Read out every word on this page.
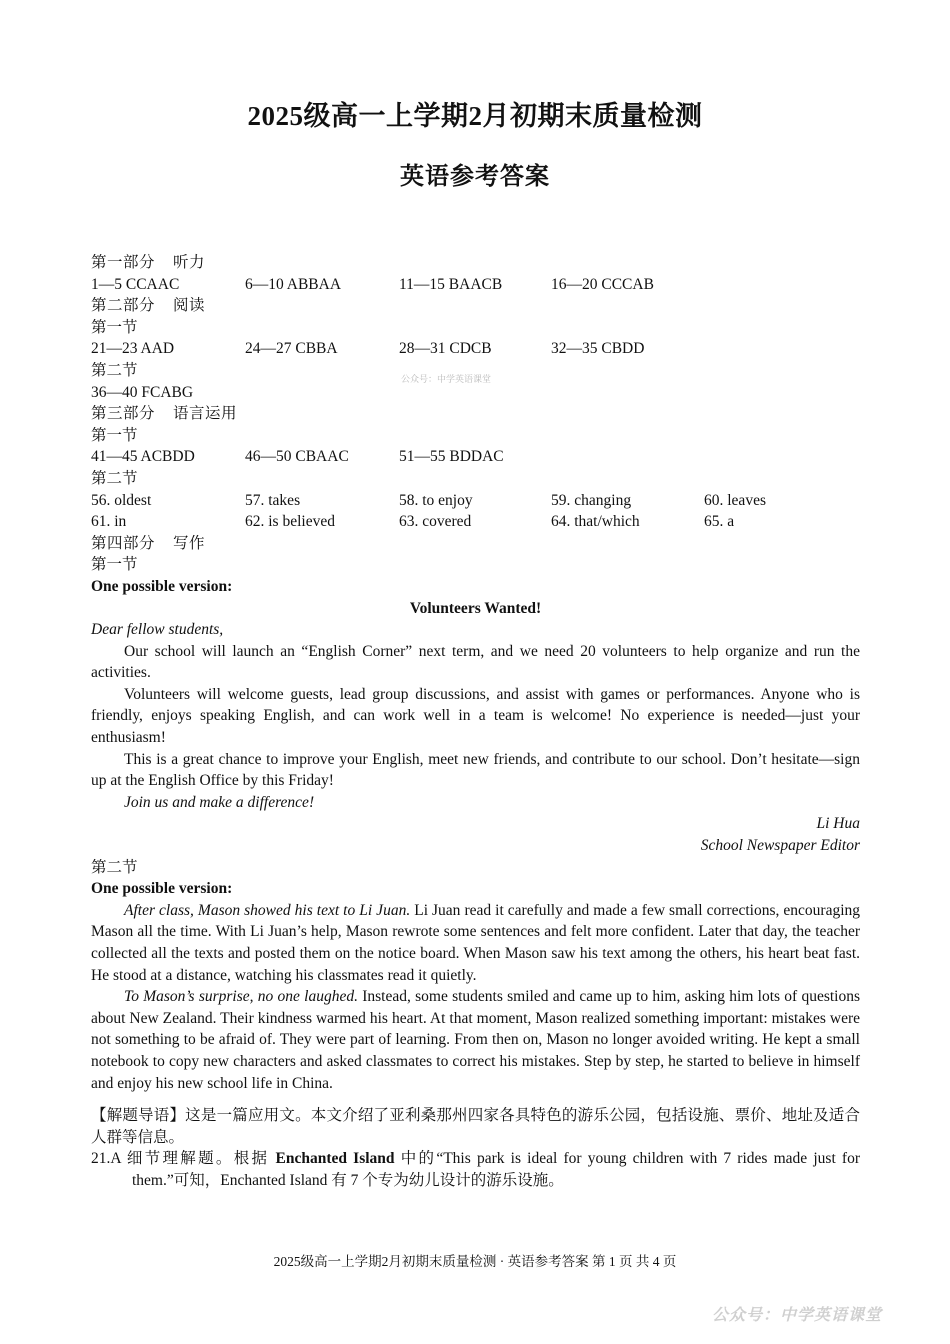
2025级高一上学期2月初期末质量检测
英语参考答案
第一部分 听力
1—5 CCAAC	6—10 ABBAA	11—15 BAACB	16—20 CCCAB
第二部分 阅读
第一节
21—23 AAD	24—27 CBBA	28—31 CDCB	32—35 CBDD
第二节
公众号：中学英语课堂
36—40 FCABG
第三部分 语言运用
第一节
41—45 ACBDD	46—50 CBAAC	51—55 BDDAC
第二节
56. oldest	57. takes	58. to enjoy	59. changing	60. leaves
61. in	62. is believed	63. covered	64. that/which	65. a
第四部分 写作
第一节
One possible version:
Volunteers Wanted!
Dear fellow students,
Our school will launch an “English Corner” next term, and we need 20 volunteers to help organize and run the activities.
Volunteers will welcome guests, lead group discussions, and assist with games or performances. Anyone who is friendly, enjoys speaking English, and can work well in a team is welcome! No experience is needed—just your enthusiasm!
This is a great chance to improve your English, meet new friends, and contribute to our school. Don’t hesitate—sign up at the English Office by this Friday!
Join us and make a difference!
Li Hua
School Newspaper Editor
第二节
One possible version:
After class, Mason showed his text to Li Juan. Li Juan read it carefully and made a few small corrections, encouraging Mason all the time. With Li Juan’s help, Mason rewrote some sentences and felt more confident. Later that day, the teacher collected all the texts and posted them on the notice board. When Mason saw his text among the others, his heart beat fast. He stood at a distance, watching his classmates read it quietly.
To Mason’s surprise, no one laughed. Instead, some students smiled and came up to him, asking him lots of questions about New Zealand. Their kindness warmed his heart. At that moment, Mason realized something important: mistakes were not something to be afraid of. They were part of learning. From then on, Mason no longer avoided writing. He kept a small notebook to copy new characters and asked classmates to correct his mistakes. Step by step, he started to believe in himself and enjoy his new school life in China.
【解题导语】这是一篇应用文。本文介绍了亚利桑那州四家各具特色的游乐公园，包括设施、票价、地址及适合人群等信息。
21.A 细节理解题。根据 Enchanted Island 中的“This park is ideal for young children with 7 rides made just for them.”可知，Enchanted Island 有 7 个专为幼儿设计的游乐设施。
2025级高一上学期2月初期末质量检测 · 英语参考答案 第 1 页 共 4 页
公众号：中学英语课堂
